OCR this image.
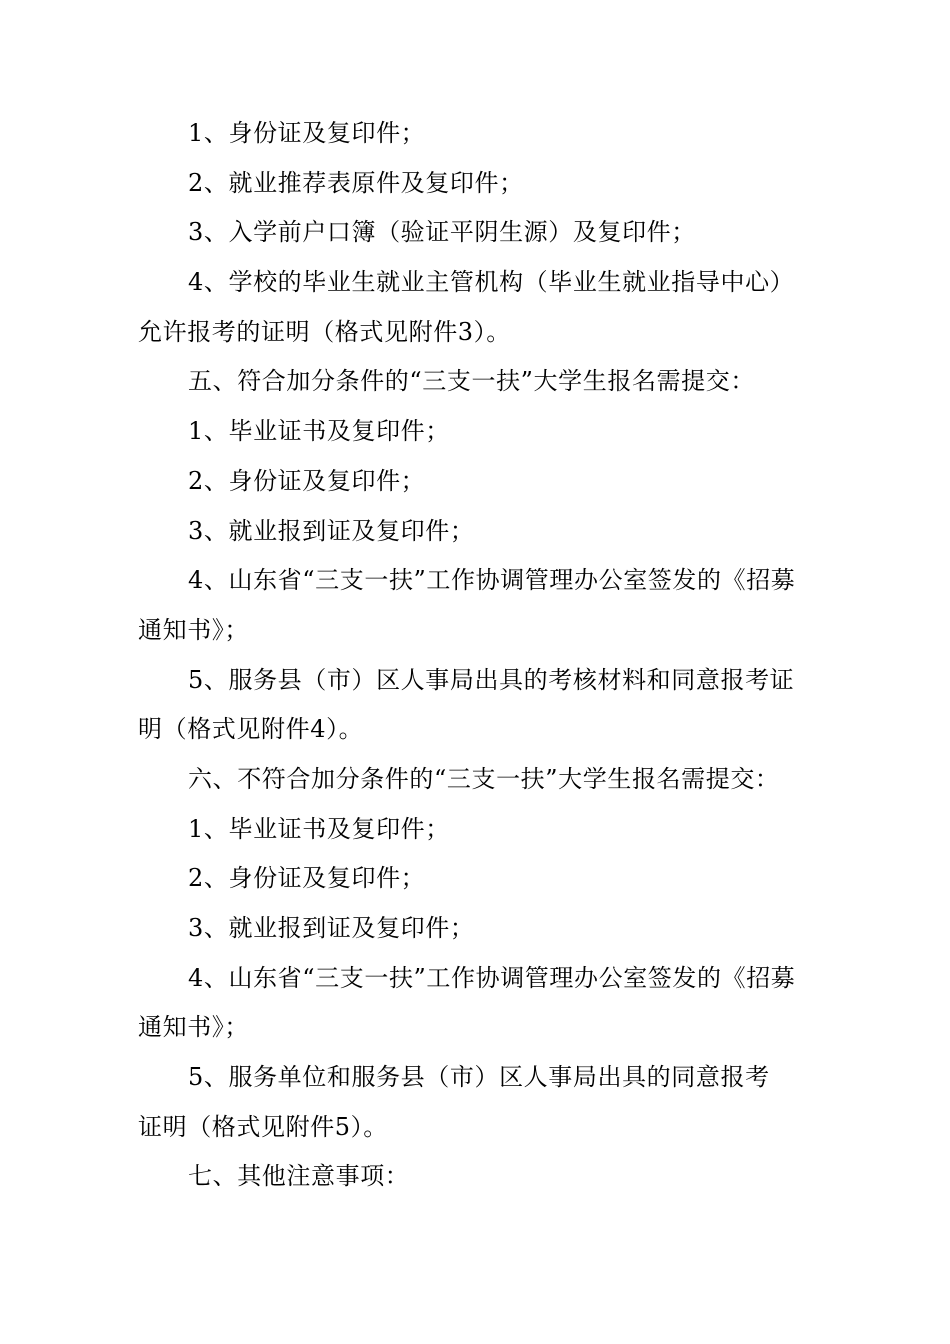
1、身份证及复印件；
2、就业推荐表原件及复印件；
3、入学前户口簿（验证平阴生源）及复印件；
4、学校的毕业生就业主管机构（毕业生就业指导中心）
允许报考的证明（格式见附件3）。
五、符合加分条件的“三支一扶”大学生报名需提交：
1、毕业证书及复印件；
2、身份证及复印件；
3、就业报到证及复印件；
4、山东省“三支一扶”工作协调管理办公室签发的《招募
通知书》；
5、服务县（市）区人事局出具的考核材料和同意报考证
明（格式见附件4）。
六、不符合加分条件的“三支一扶”大学生报名需提交：
1、毕业证书及复印件；
2、身份证及复印件；
3、就业报到证及复印件；
4、山东省“三支一扶”工作协调管理办公室签发的《招募
通知书》；
5、服务单位和服务县（市）区人事局出具的同意报考
证明（格式见附件5）。
七、其他注意事项：
